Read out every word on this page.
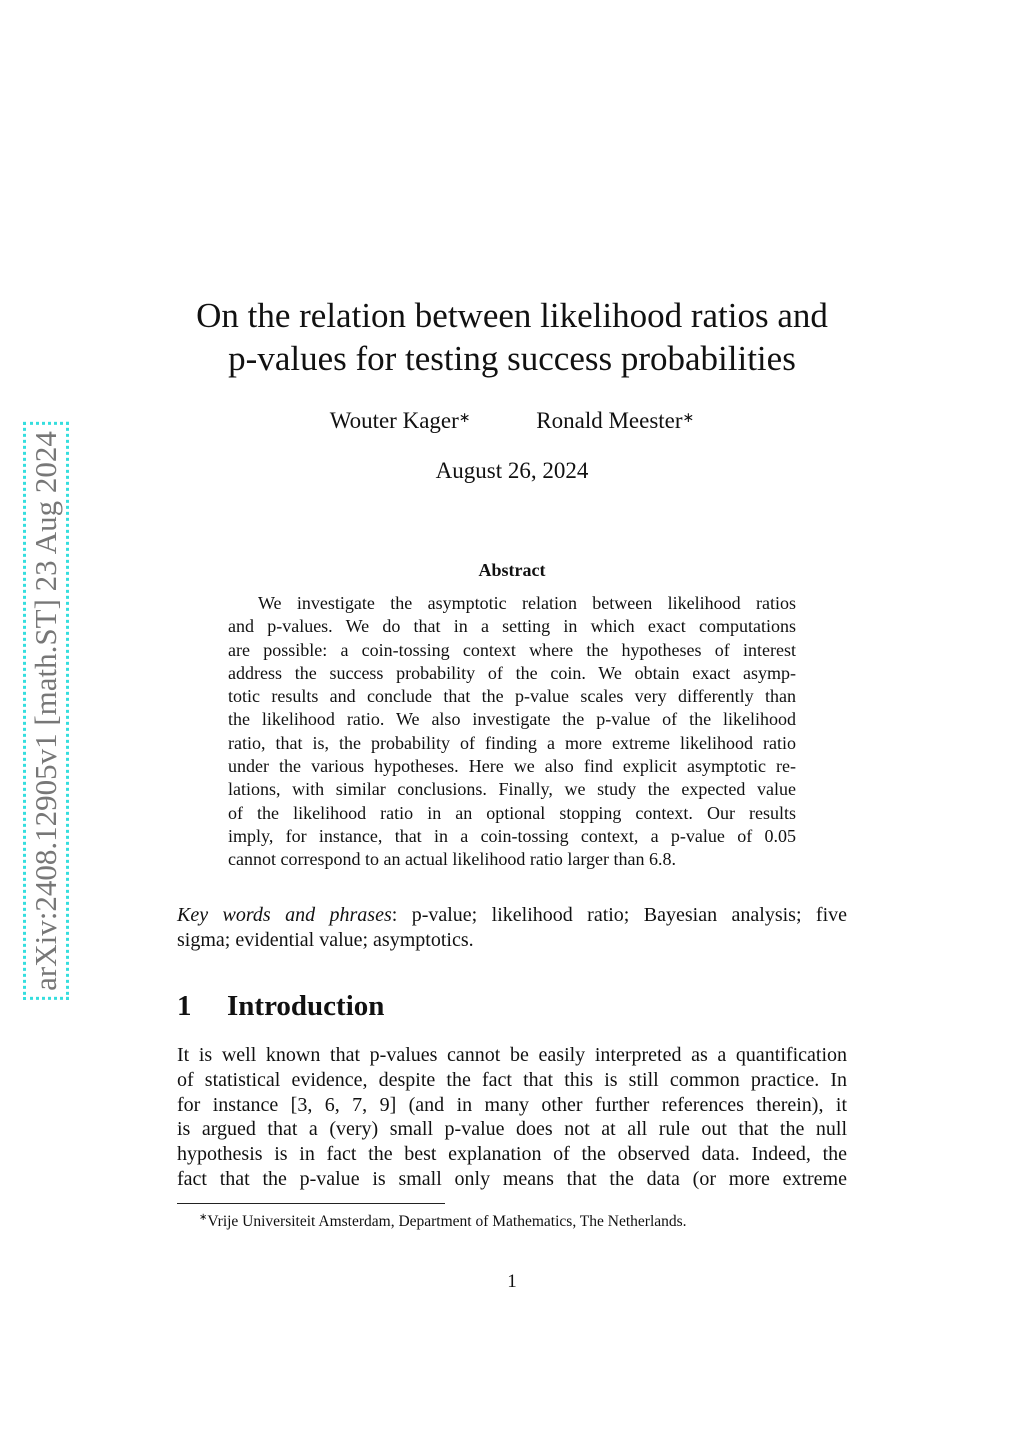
arXiv:2408.12905v1 [math.ST] 23 Aug 2024
On the relation between likelihood ratios and
p-values for testing success probabilities
Wouter Kager∗	Ronald Meester∗
August 26, 2024
Abstract
We investigate the asymptotic relation between likelihood ratios
and p-values. We do that in a setting in which exact computations
are possible: a coin-tossing context where the hypotheses of interest
address the success probability of the coin. We obtain exact asymp-
totic results and conclude that the p-value scales very differently than
the likelihood ratio. We also investigate the p-value of the likelihood
ratio, that is, the probability of finding a more extreme likelihood ratio
under the various hypotheses. Here we also find explicit asymptotic re-
lations, with similar conclusions. Finally, we study the expected value
of the likelihood ratio in an optional stopping context. Our results
imply, for instance, that in a coin-tossing context, a p-value of 0.05
cannot correspond to an actual likelihood ratio larger than 6.8.
Key words and phrases: p-value; likelihood ratio; Bayesian analysis; five
sigma; evidential value; asymptotics.
1 Introduction
It is well known that p-values cannot be easily interpreted as a quantification
of statistical evidence, despite the fact that this is still common practice. In
for instance [3, 6, 7, 9] (and in many other further references therein), it
is argued that a (very) small p-value does not at all rule out that the null
hypothesis is in fact the best explanation of the observed data. Indeed, the
fact that the p-value is small only means that the data (or more extreme
∗Vrije Universiteit Amsterdam, Department of Mathematics, The Netherlands.
1
